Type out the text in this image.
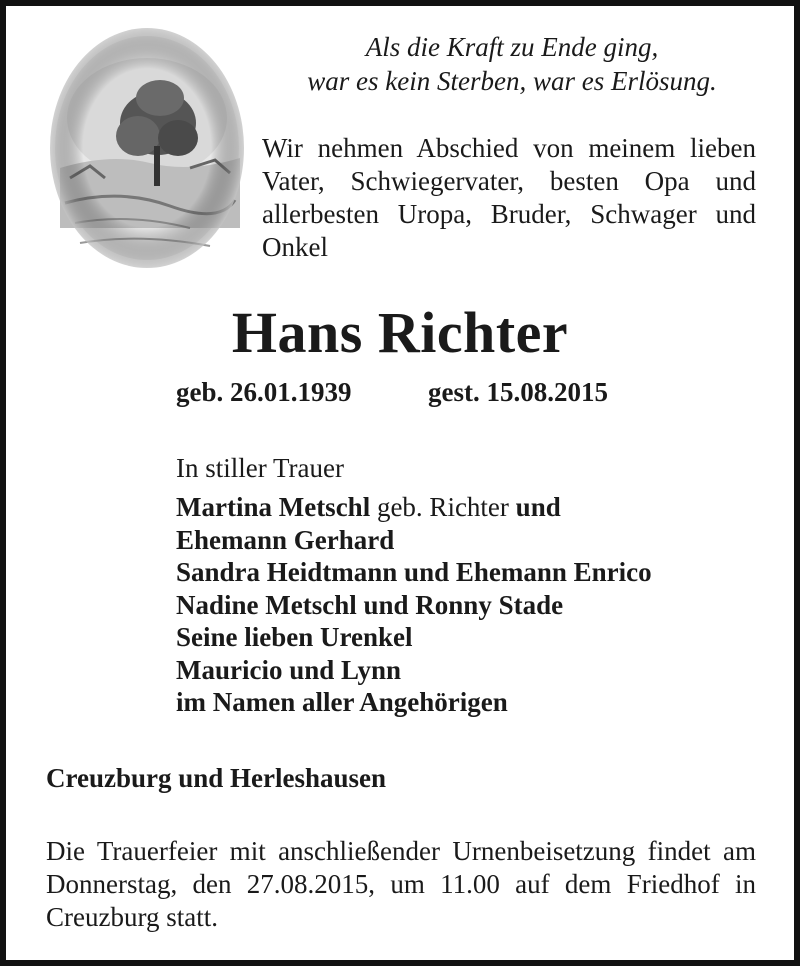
Als die Kraft zu Ende ging,
war es kein Sterben, war es Erlösung.
Wir nehmen Abschied von meinem lieben Vater, Schwiegervater, besten Opa und allerbesten Uropa, Bruder, Schwager und Onkel
Hans Richter
geb. 26.01.1939	gest. 15.08.2015
In stiller Trauer
Martina Metschl geb. Richter und
Ehemann Gerhard
Sandra Heidtmann und Ehemann Enrico
Nadine Metschl und Ronny Stade
Seine lieben Urenkel
Mauricio und Lynn
im Namen aller Angehörigen
Creuzburg und Herleshausen
Die Trauerfeier mit anschließender Urnenbeisetzung findet am Donnerstag, den 27.08.2015, um 11.00 auf dem Friedhof in Creuzburg statt.
